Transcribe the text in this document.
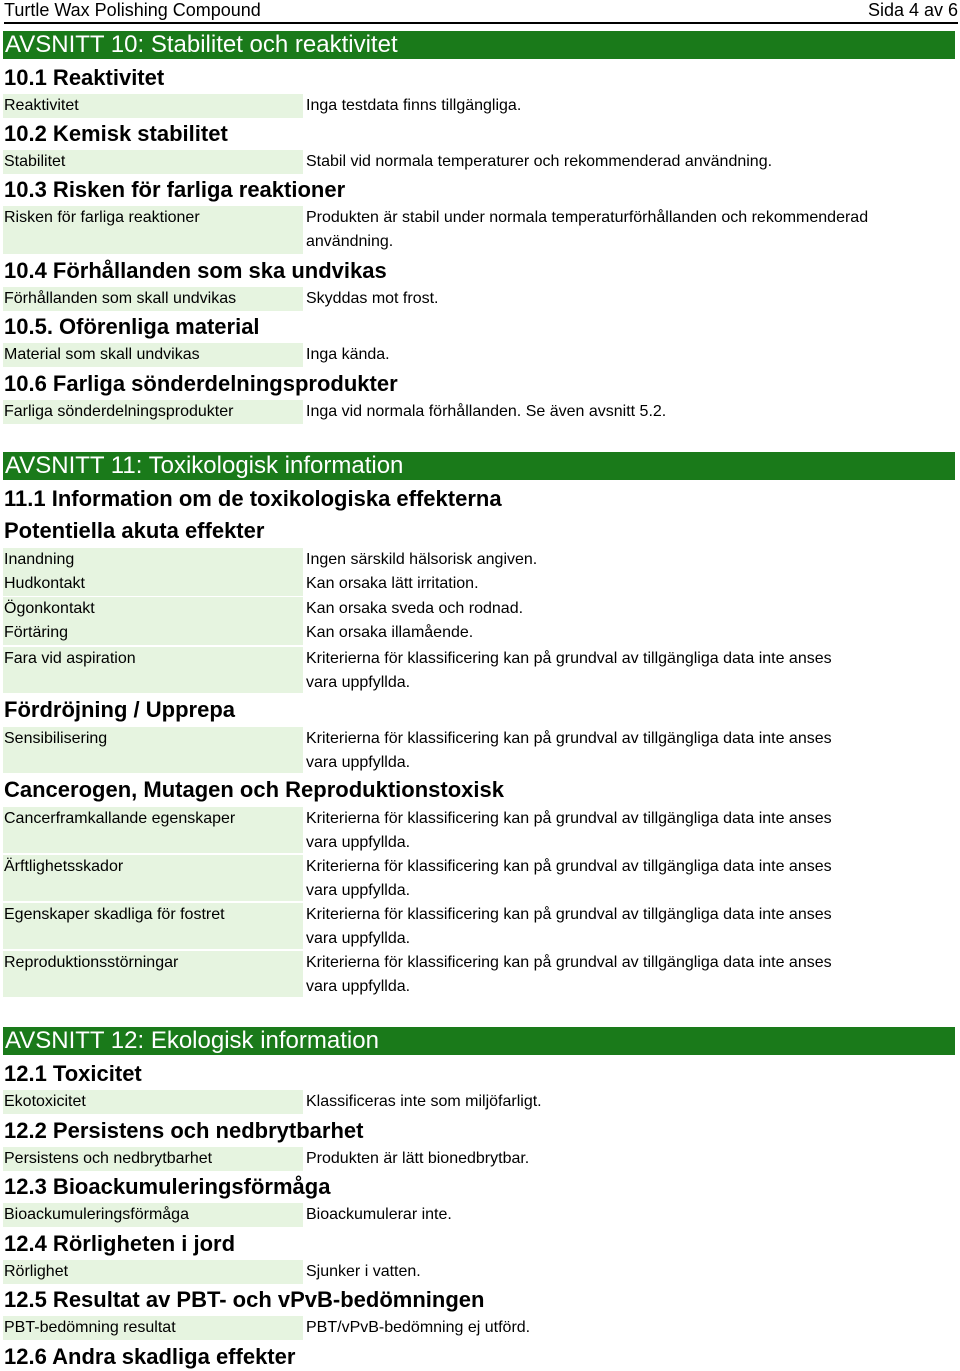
Turtle Wax Polishing Compound	Sida 4 av 6
AVSNITT 10: Stabilitet och reaktivitet
10.1 Reaktivitet
Reaktivitet	Inga testdata finns tillgängliga.
10.2 Kemisk stabilitet
Stabilitet	Stabil vid normala temperaturer och rekommenderad användning.
10.3 Risken för farliga reaktioner
Risken för farliga reaktioner	Produkten är stabil under normala temperaturförhållanden och rekommenderad
användning.
10.4 Förhållanden som ska undvikas
Förhållanden som skall undvikas	Skyddas mot frost.
10.5. Oförenliga material
Material som skall undvikas	Inga kända.
10.6 Farliga sönderdelningsprodukter
Farliga sönderdelningsprodukter	Inga vid normala förhållanden. Se även avsnitt 5.2.
AVSNITT 11: Toxikologisk information
11.1 Information om de toxikologiska effekterna
Potentiella akuta effekter
Inandning	Ingen särskild hälsorisk angiven.
Hudkontakt	Kan orsaka lätt irritation.
Ögonkontakt	Kan orsaka sveda och rodnad.
Förtäring	Kan orsaka illamående.
Fara vid aspiration	Kriterierna för klassificering kan på grundval av tillgängliga data inte anses
vara uppfyllda.
Fördröjning / Upprepa
Sensibilisering	Kriterierna för klassificering kan på grundval av tillgängliga data inte anses
vara uppfyllda.
Cancerogen, Mutagen och Reproduktionstoxisk
Cancerframkallande egenskaper	Kriterierna för klassificering kan på grundval av tillgängliga data inte anses
vara uppfyllda.
Ärftlighetsskador	Kriterierna för klassificering kan på grundval av tillgängliga data inte anses
vara uppfyllda.
Egenskaper skadliga för fostret	Kriterierna för klassificering kan på grundval av tillgängliga data inte anses
vara uppfyllda.
Reproduktionsstörningar	Kriterierna för klassificering kan på grundval av tillgängliga data inte anses
vara uppfyllda.
AVSNITT 12: Ekologisk information
12.1 Toxicitet
Ekotoxicitet	Klassificeras inte som miljöfarligt.
12.2 Persistens och nedbrytbarhet
Persistens och nedbrytbarhet	Produkten är lätt bionedbrytbar.
12.3 Bioackumuleringsförmåga
Bioackumuleringsförmåga	Bioackumulerar inte.
12.4 Rörligheten i jord
Rörlighet	Sjunker i vatten.
12.5 Resultat av PBT- och vPvB-bedömningen
PBT-bedömning resultat	PBT/vPvB-bedömning ej utförd.
12.6 Andra skadliga effekter
